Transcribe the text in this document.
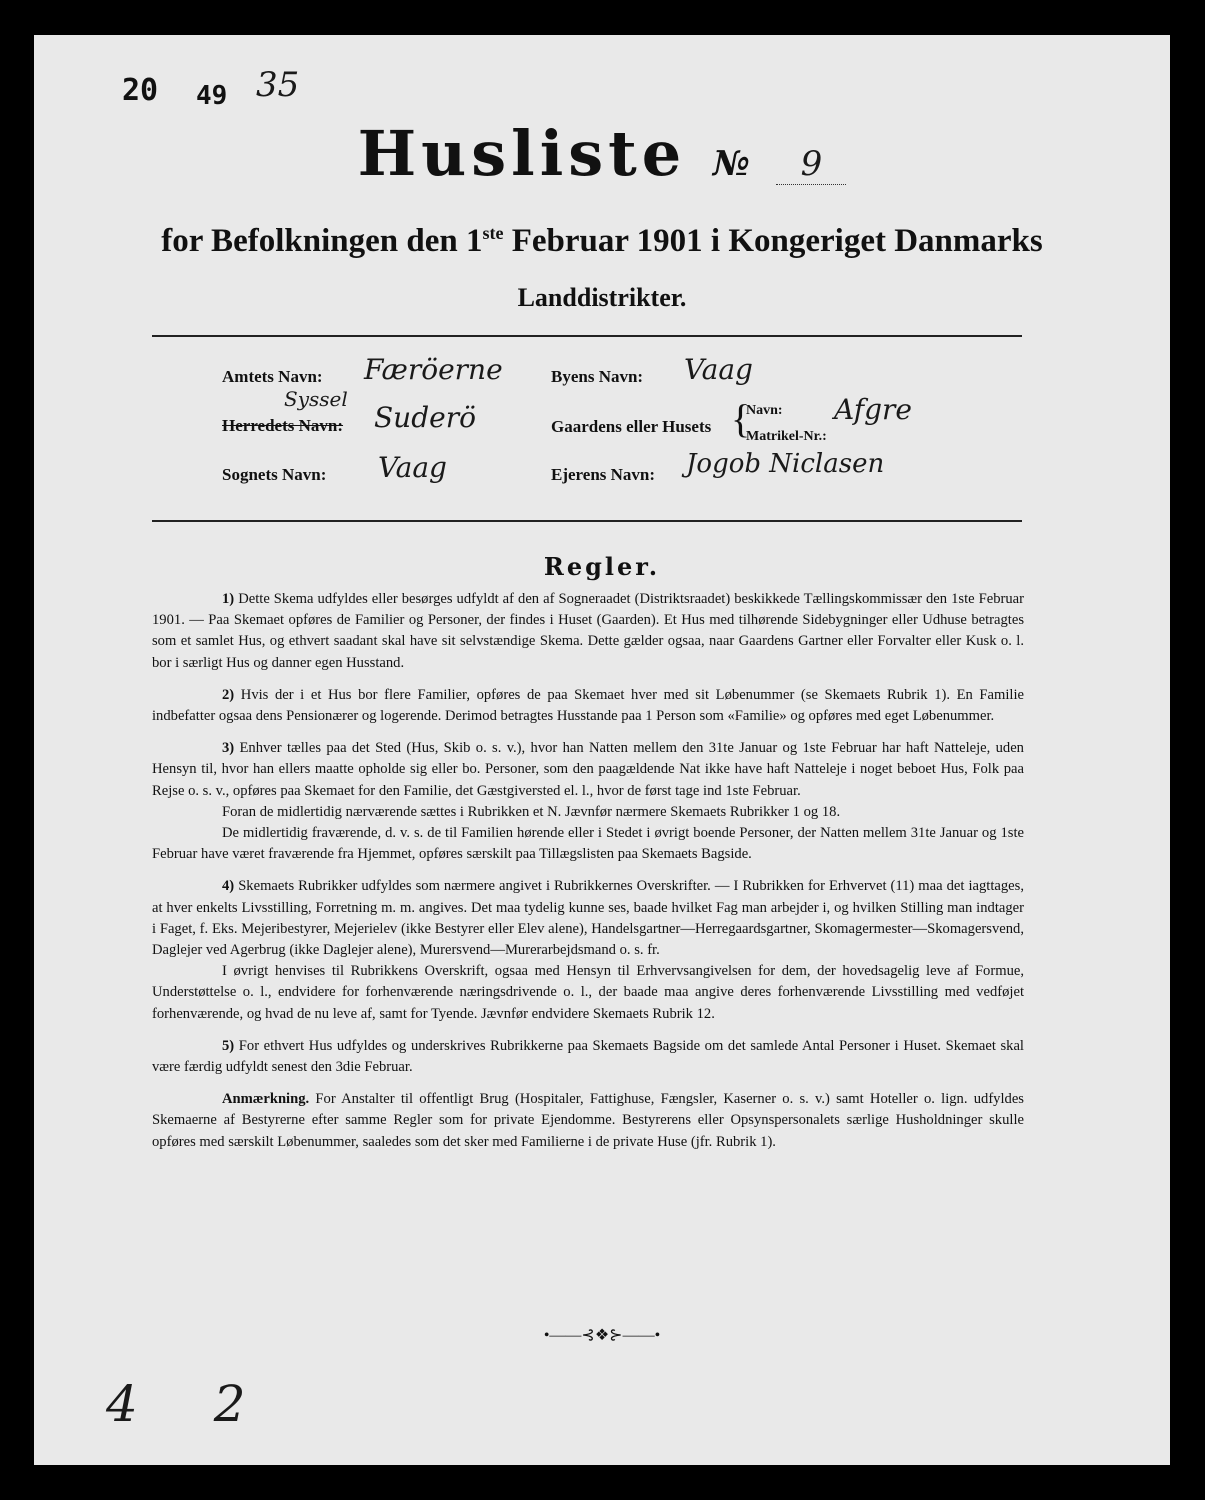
20 49 35
Husliste № 9
for Befolkningen den 1ste Februar 1901 i Kongeriget Danmarks
Landdistrikter.
Amtets Navn: Færöerne
Syssel
Herredets Navn: Suderö
Sognets Navn: Vaag
Byens Navn: Vaag
Gaardens eller Husets {
Navn: Afgre
Matrikel-Nr.:
Ejerens Navn: Jogob Niclasen
Regler.

1) Dette Skema udfyldes eller besørges udfyldt af den af Sogneraadet (Distriktsraadet) beskikkede Tællingskommissær den 1ste Februar 1901. — Paa Skemaet opføres de Familier og Personer, der findes i Huset (Gaarden). Et Hus med tilhørende Sidebygninger eller Udhuse betragtes som et samlet Hus, og ethvert saadant skal have sit selvstændige Skema. Dette gælder ogsaa, naar Gaardens Gartner eller Forvalter eller Kusk o. l. bor i særligt Hus og danner egen Husstand.

2) Hvis der i et Hus bor flere Familier, opføres de paa Skemaet hver med sit Løbenummer (se Skemaets Rubrik 1). En Familie indbefatter ogsaa dens Pensionærer og logerende. Derimod betragtes Husstande paa 1 Person som «Familie» og opføres med eget Løbenummer.

3) Enhver tælles paa det Sted (Hus, Skib o. s. v.), hvor han Natten mellem den 31te Januar og 1ste Februar har haft Natteleje, uden Hensyn til, hvor han ellers maatte opholde sig eller bo. Personer, som den paagældende Nat ikke have haft Natteleje i noget beboet Hus, Folk paa Rejse o. s. v., opføres paa Skemaet for den Familie, det Gæstgiversted el. l., hvor de først tage ind 1ste Februar.

Foran de midlertidig nærværende sættes i Rubrikken et N. Jævnfør nærmere Skemaets Rubrikker 1 og 18.

De midlertidig fraværende, d. v. s. de til Familien hørende eller i Stedet i øvrigt boende Personer, der Natten mellem 31te Januar og 1ste Februar have været fraværende fra Hjemmet, opføres særskilt paa Tillægslisten paa Skemaets Bagside.

4) Skemaets Rubrikker udfyldes som nærmere angivet i Rubrikkernes Overskrifter. — I Rubrikken for Erhvervet (11) maa det iagttages, at hver enkelts Livsstilling, Forretning m. m. angives. Det maa tydelig kunne ses, baade hvilket Fag man arbejder i, og hvilken Stilling man indtager i Faget, f. Eks. Mejeribestyrer, Mejerielev (ikke Bestyrer eller Elev alene), Handelsgartner—Herregaardsgartner, Skomagermester—Skomagersvend, Daglejer ved Agerbrug (ikke Daglejer alene), Murersvend—Murerarbejdsmand o. s. fr.

I øvrigt henvises til Rubrikkens Overskrift, ogsaa med Hensyn til Erhvervsangivelsen for dem, der hovedsagelig leve af Formue, Understøttelse o. l., endvidere for forhenværende næringsdrivende o. l., der baade maa angive deres forhenværende Livsstilling med vedføjet forhenværende, og hvad de nu leve af, samt for Tyende. Jævnfør endvidere Skemaets Rubrik 12.

5) For ethvert Hus udfyldes og underskrives Rubrikkerne paa Skemaets Bagside om det samlede Antal Personer i Huset. Skemaet skal være færdig udfyldt senest den 3die Februar.

Anmærkning. For Anstalter til offentligt Brug (Hospitaler, Fattighuse, Fængsler, Kaserner o. s. v.) samt Hoteller o. lign. udfyldes Skemaerne af Bestyrerne efter samme Regler som for private Ejendomme. Bestyrerens eller Opsynspersonalets særlige Husholdninger skulle opføres med særskilt Løbenummer, saaledes som det sker med Familierne i de private Huse (jfr. Rubrik 1).

•——⊰❖⊱——•
4 2
